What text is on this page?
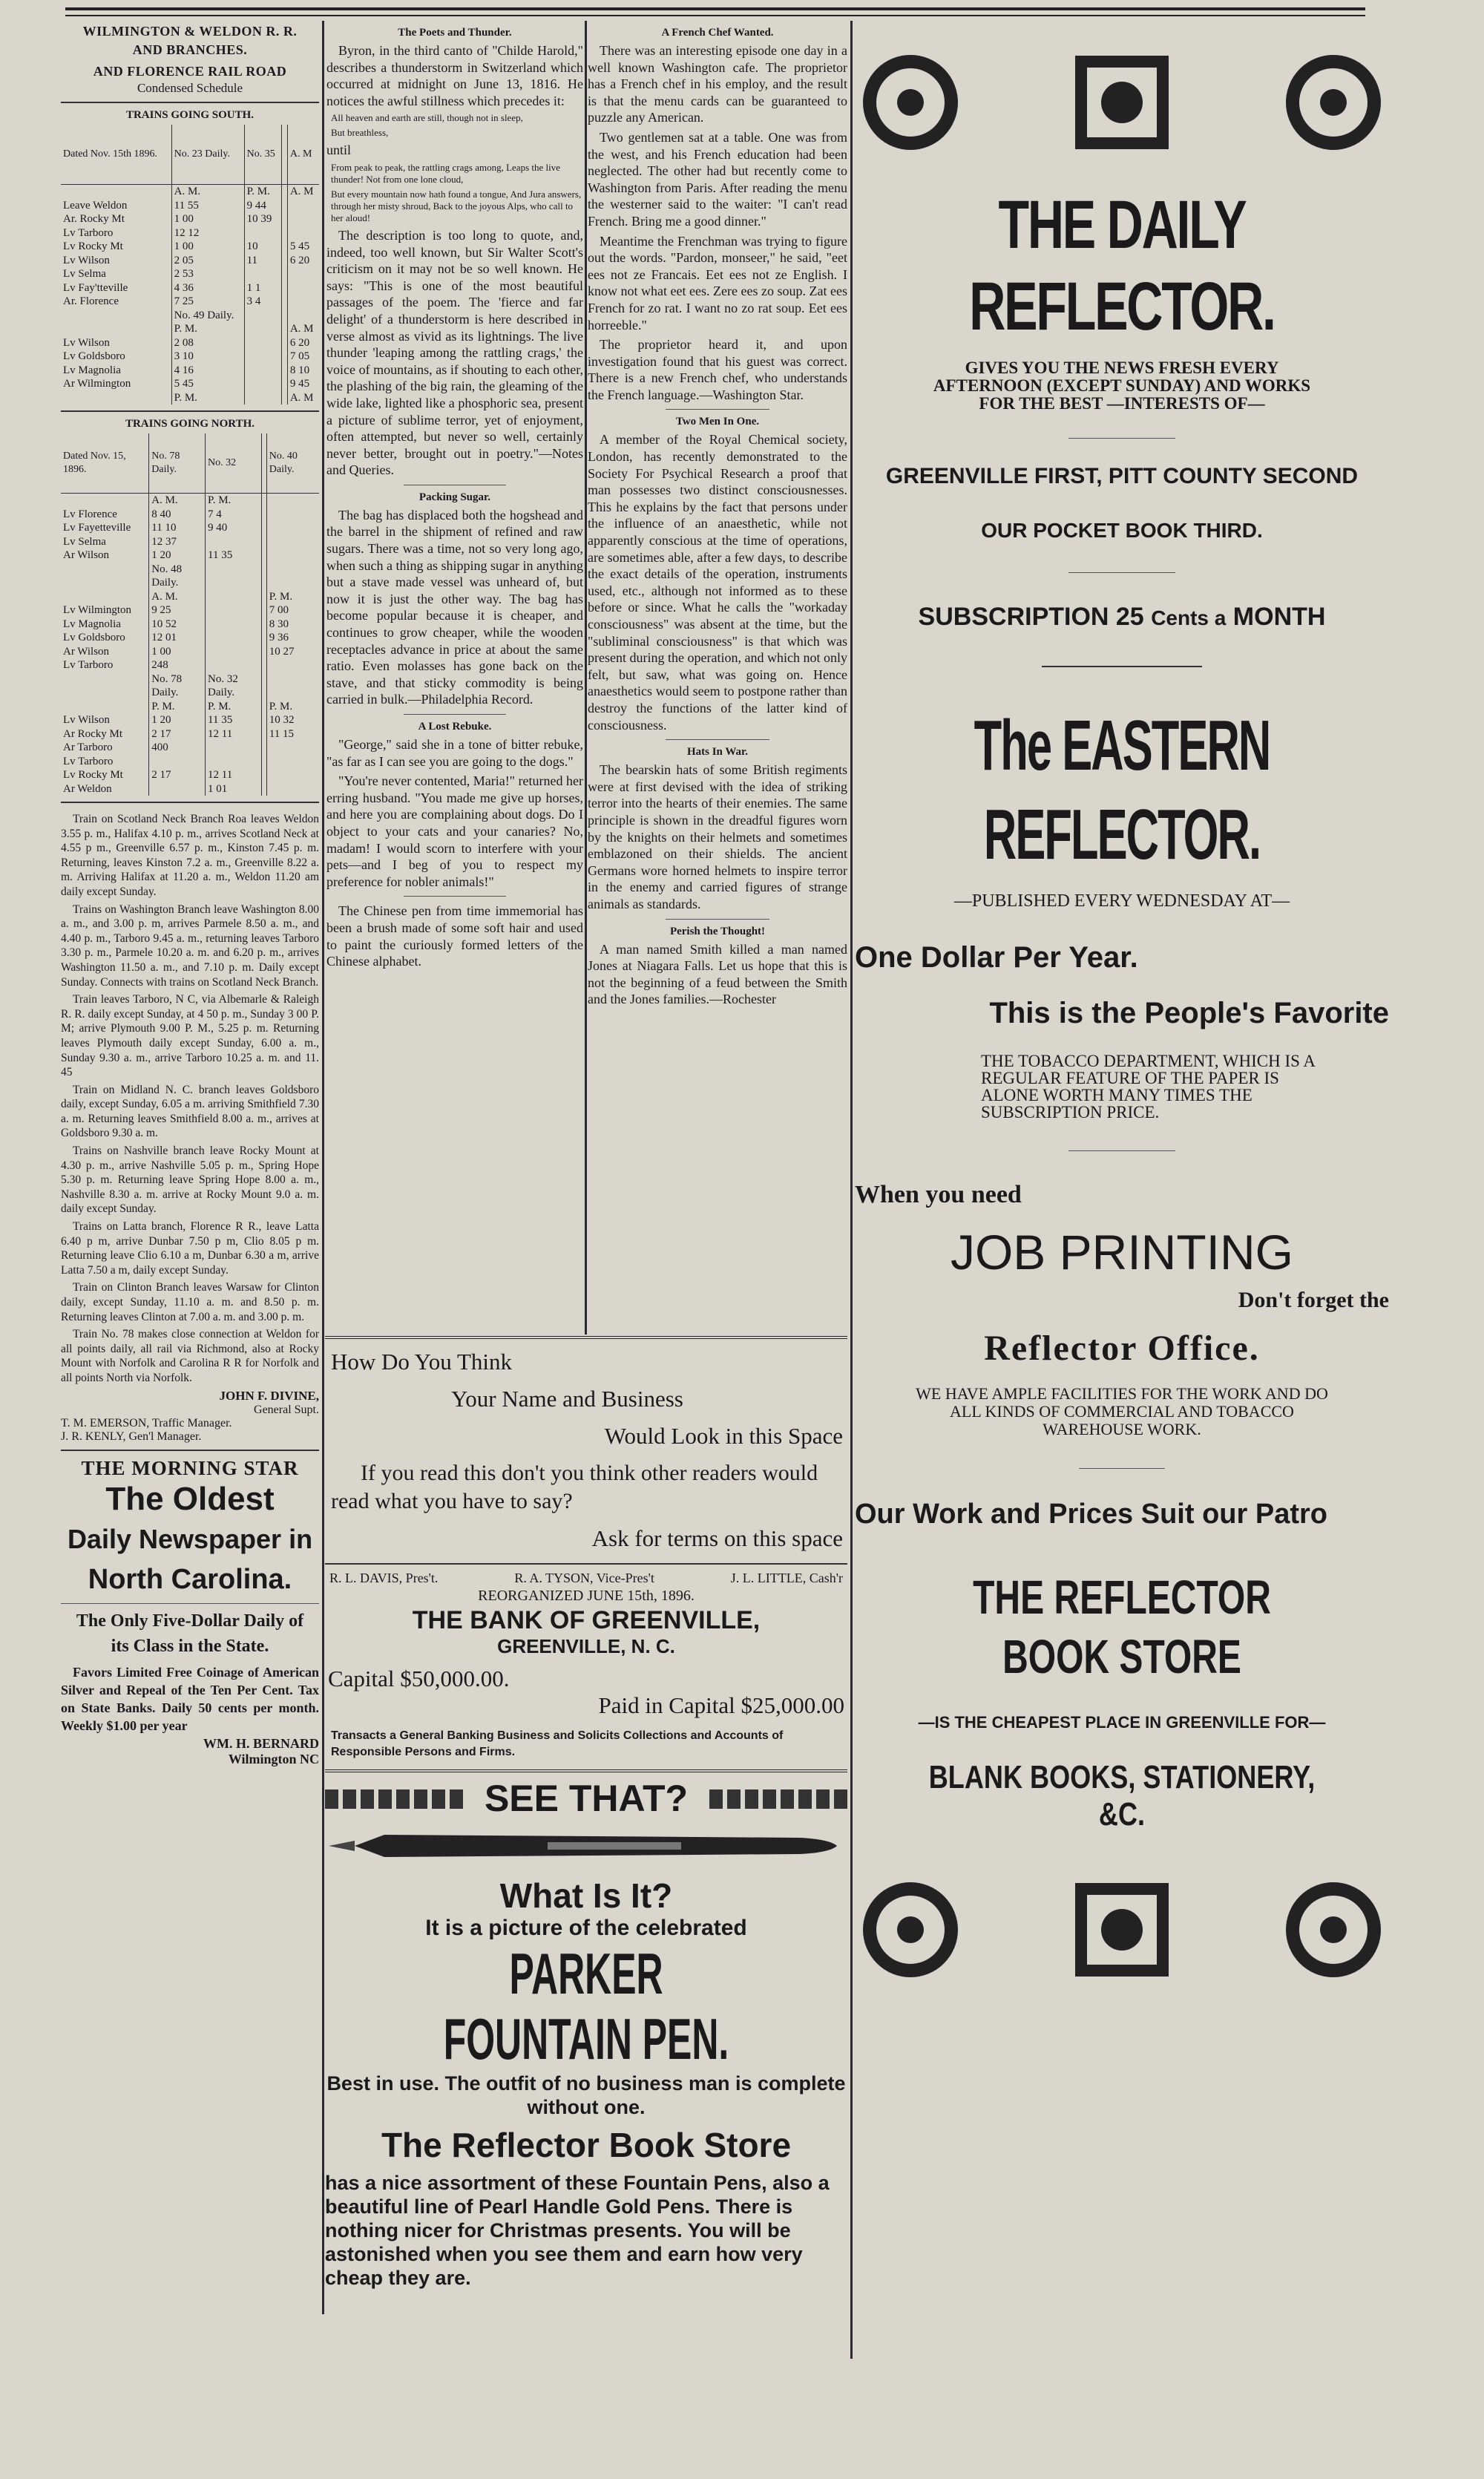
WILMINGTON & WELDON R. R.
AND BRANCHES.
AND FLORENCE RAIL ROAD
Condensed Schedule
TRAINS GOING SOUTH.
Dated Nov. 15th 1896.	No. 23 Daily.	No. 35		A. M
	A. M.	P. M.		A. M
Leave Weldon	11 55	9 44		
Ar. Rocky Mt	1 00	10 39		

Lv Tarboro	12 12			

Lv Rocky Mt	1 00	10		5 45
Lv Wilson	2 05	11		6 20
Lv Selma	2 53			
Lv Fay'tteville	4 36	1 1		
Ar. Florence	7 25	3 4		
	No. 49 Daily.			
	P. M.			A. M
Lv Wilson	2 08			6 20
Lv Goldsboro	3 10			7 05
Lv Magnolia	4 16			8 10
Ar Wilmington	5 45			9 45
	P. M.			A. M
TRAINS GOING NORTH.
Dated Nov. 15, 1896.	No. 78 Daily.	No. 32		No. 40 Daily.
	A. M.	P. M.		
Lv Florence	8 40	7 4		
Lv Fayetteville	11 10	9 40		
Lv Selma	12 37			
Ar Wilson	1 20	11 35		
	No. 48 Daily.			
	A. M.			P. M.
Lv Wilmington	9 25			7 00
Lv Magnolia	10 52			8 30
Lv Goldsboro	12 01			9 36
Ar Wilson	1 00			10 27
Lv Tarboro	248			
	No. 78 Daily.	No. 32 Daily.		
	P. M.	P. M.		P. M.
Lv Wilson	1 20	11 35		10 32
Ar Rocky Mt	2 17	12 11		11 15

Ar Tarboro	400			
Lv Tarboro				
Lv Rocky Mt	2 17	12 11		
Ar Weldon		1 01		

Train on Scotland Neck Branch Roa leaves Weldon 3.55 p. m., Halifax 4.10 p. m., arrives Scotland Neck at 4.55 p m., Greenville 6.57 p. m., Kinston 7.45 p. m. Returning, leaves Kinston 7.2 a. m., Greenville 8.22 a. m. Arriving Halifax at 11.20 a. m., Weldon 11.20 am daily except Sunday.

Trains on Washington Branch leave Washington 8.00 a. m., and 3.00 p. m, arrives Parmele 8.50 a. m., and 4.40 p. m., Tarboro 9.45 a. m., returning leaves Tarboro 3.30 p. m., Parmele 10.20 a. m. and 6.20 p. m., arrives Washington 11.50 a. m., and 7.10 p. m. Daily except Sunday. Connects with trains on Scotland Neck Branch.

Train leaves Tarboro, N C, via Albemarle & Raleigh R. R. daily except Sunday, at 4 50 p. m., Sunday 3 00 P. M; arrive Plymouth 9.00 P. M., 5.25 p. m. Returning leaves Plymouth daily except Sunday, 6.00 a. m., Sunday 9.30 a. m., arrive Tarboro 10.25 a. m. and 11. 45

Train on Midland N. C. branch leaves Goldsboro daily, except Sunday, 6.05 a m. arriving Smithfield 7.30 a. m. Returning leaves Smithfield 8.00 a. m., arrives at Goldsboro 9.30 a. m.

Trains on Nashville branch leave Rocky Mount at 4.30 p. m., arrive Nashville 5.05 p. m., Spring Hope 5.30 p. m. Returning leave Spring Hope 8.00 a. m., Nashville 8.30 a. m. arrive at Rocky Mount 9.0 a. m. daily except Sunday.

Trains on Latta branch, Florence R R., leave Latta 6.40 p m, arrive Dunbar 7.50 p m, Clio 8.05 p m. Returning leave Clio 6.10 a m, Dunbar 6.30 a m, arrive Latta 7.50 a m, daily except Sunday.

Train on Clinton Branch leaves Warsaw for Clinton daily, except Sunday, 11.10 a. m. and 8.50 p. m. Returning leaves Clinton at 7.00 a. m. and 3.00 p. m.

Train No. 78 makes close connection at Weldon for all points daily, all rail via Richmond, also at Rocky Mount with Norfolk and Carolina R R for Norfolk and all points North via Norfolk.

JOHN F. DIVINE,
General Supt.
T. M. EMERSON, Traffic Manager.
J. R. KENLY, Gen'l Manager.
THE MORNING STAR
The Oldest
Daily Newspaper in
North Carolina.
The Only Five-Dollar Daily of
its Class in the State.

Favors Limited Free Coinage of American Silver and Repeal of the Ten Per Cent. Tax on State Banks. Daily 50 cents per month. Weekly $1.00 per year

WM. H. BERNARD
Wilmington NC
The Poets and Thunder.

Byron, in the third canto of "Childe Harold," describes a thunderstorm in Switzerland which occurred at midnight on June 13, 1816. He notices the awful stillness which precedes it:

All heaven and earth are still, though not in sleep,
But breathless,
until
From peak to peak, the rattling crags among, Leaps the live thunder! Not from one lone cloud,
But every mountain now hath found a tongue, And Jura answers, through her misty shroud, Back to the joyous Alps, who call to her aloud!

The description is too long to quote, and, indeed, too well known, but Sir Walter Scott's criticism on it may not be so well known. He says: "This is one of the most beautiful passages of the poem. The 'fierce and far delight' of a thunderstorm is here described in verse almost as vivid as its lightnings. The live thunder 'leaping among the rattling crags,' the voice of mountains, as if shouting to each other, the plashing of the big rain, the gleaming of the wide lake, lighted like a phosphoric sea, present a picture of sublime terror, yet of enjoyment, often attempted, but never so well, certainly never better, brought out in poetry."—Notes and Queries.

Packing Sugar.

The bag has displaced both the hogshead and the barrel in the shipment of refined and raw sugars. There was a time, not so very long ago, when such a thing as shipping sugar in anything but a stave made vessel was unheard of, but now it is just the other way. The bag has become popular because it is cheaper, and continues to grow cheaper, while the wooden receptacles advance in price at about the same ratio. Even molasses has gone back on the stave, and that sticky commodity is being carried in bulk.—Philadelphia Record.

A Lost Rebuke.

"George," said she in a tone of bitter rebuke, "as far as I can see you are going to the dogs."

"You're never contented, Maria!" returned her erring husband. "You made me give up horses, and here you are complaining about dogs. Do I object to your cats and your canaries? No, madam! I would scorn to interfere with your pets—and I beg of you to respect my preference for nobler animals!"

The Chinese pen from time immemorial has been a brush made of some soft hair and used to paint the curiously formed letters of the Chinese alphabet.

A French Chef Wanted.

There was an interesting episode one day in a well known Washington cafe. The proprietor has a French chef in his employ, and the result is that the menu cards can be guaranteed to puzzle any American.

Two gentlemen sat at a table. One was from the west, and his French education had been neglected. The other had but recently come to Washington from Paris. After reading the menu the westerner said to the waiter: "I can't read French. Bring me a good dinner."

Meantime the Frenchman was trying to figure out the words. "Pardon, monseer," he said, "eet ees not ze Francais. Eet ees not ze English. I know not what eet ees. Zere ees zo soup. Zat ees French for zo rat. I want no zo rat soup. Eet ees horreeble."

The proprietor heard it, and upon investigation found that his guest was correct. There is a new French chef, who understands the French language.—Washington Star.

Two Men In One.

A member of the Royal Chemical society, London, has recently demonstrated to the Society For Psychical Research a proof that man possesses two distinct consciousnesses. This he explains by the fact that persons under the influence of an anaesthetic, while not apparently conscious at the time of operations, are sometimes able, after a few days, to describe the exact details of the operation, instruments used, etc., although not informed as to these before or since. What he calls the "workaday consciousness" was absent at the time, but the "subliminal consciousness" is that which was present during the operation, and which not only felt, but saw, what was going on. Hence anaesthetics would seem to postpone rather than destroy the functions of the latter kind of consciousness.

Hats In War.

The bearskin hats of some British regiments were at first devised with the idea of striking terror into the hearts of their enemies. The same principle is shown in the dreadful figures worn by the knights on their helmets and sometimes emblazoned on their shields. The ancient Germans wore horned helmets to inspire terror in the enemy and carried figures of strange animals as standards.

Perish the Thought!

A man named Smith killed a man named Jones at Niagara Falls. Let us hope that this is not the beginning of a feud between the Smith and the Jones families.—Rochester

How Do You Think
Your Name and Business
Would Look in this Space
If you read this don't you think other readers would read what you have to say?
Ask for terms on this space
R. L. DAVIS, Pres't.	R. A. TYSON, Vice-Pres't	J. L. LITTLE, Cash'r
REORGANIZED JUNE 15th, 1896.
THE BANK OF GREENVILLE,
GREENVILLE, N. C.
Capital $50,000.00.
Paid in Capital $25,000.00
Transacts a General Banking Business and Solicits Collections and Accounts of Responsible Persons and Firms.
SEE THAT?
What Is It?
It is a picture of the celebrated
PARKER FOUNTAIN PEN.
Best in use. The outfit of no business man is complete without one.
The Reflector Book Store
has a nice assortment of these Fountain Pens, also a beautiful line of Pearl Handle Gold Pens. There is nothing nicer for Christmas presents. You will be astonished when you see them and earn how very cheap they are.
THE DAILY REFLECTOR.
GIVES YOU THE NEWS FRESH EVERY AFTERNOON (EXCEPT SUNDAY) AND WORKS FOR THE BEST —INTERESTS OF—
GREENVILLE FIRST, PITT COUNTY SECOND
OUR POCKET BOOK THIRD.
SUBSCRIPTION 25 Cents a MONTH
The EASTERN REFLECTOR.
—PUBLISHED EVERY WEDNESDAY AT—
One Dollar Per Year.
This is the People's Favorite
THE TOBACCO DEPARTMENT, WHICH IS A REGULAR FEATURE OF THE PAPER IS ALONE WORTH MANY TIMES THE SUBSCRIPTION PRICE.
When you need
JOB PRINTING
Don't forget the
Reflector Office.
WE HAVE AMPLE FACILITIES FOR THE WORK AND DO ALL KINDS OF COMMERCIAL AND TOBACCO WAREHOUSE WORK.
Our Work and Prices Suit our Patro
THE REFLECTOR BOOK STORE
—IS THE CHEAPEST PLACE IN GREENVILLE FOR—
BLANK BOOKS, STATIONERY, &C.
